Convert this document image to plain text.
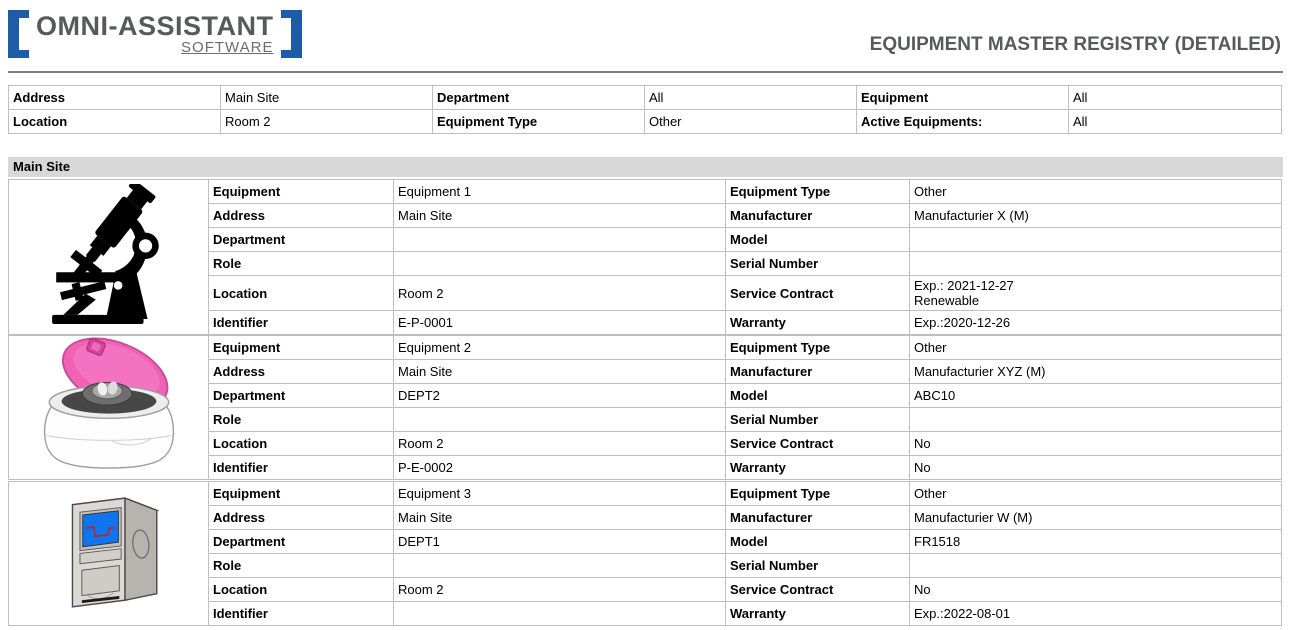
OMNI-ASSISTANT
SOFTWARE	EQUIPMENT MASTER REGISTRY (DETAILED)
Address	Main Site	Department	All	Equipment	All
Location	Room 2	Equipment Type	Other	Active Equipments:	All
Main Site
	Equipment	Equipment 1	Equipment Type	Other
	Address	Main Site	Manufacturer	Manufacturier X (M)
	Department		Model	
	Role		Serial Number	
	Location	Room 2	Service Contract	Exp.: 2021-12-27
Renewable

	Identifier	E-P-0001	Warranty	Exp.:2020-12-26
	Equipment	Equipment 2	Equipment Type	Other
	Address	Main Site	Manufacturer	Manufacturier XYZ (M)
	Department	DEPT2	Model	ABC10
	Role		Serial Number	
	Location	Room 2	Service Contract	No

	Identifier	P-E-0002	Warranty	No
	Equipment	Equipment 3	Equipment Type	Other
	Address	Main Site	Manufacturer	Manufacturier W (M)
	Department	DEPT1	Model	FR1518
	Role		Serial Number	
	Location	Room 2	Service Contract	No

	Identifier		Warranty	Exp.:2022-08-01
